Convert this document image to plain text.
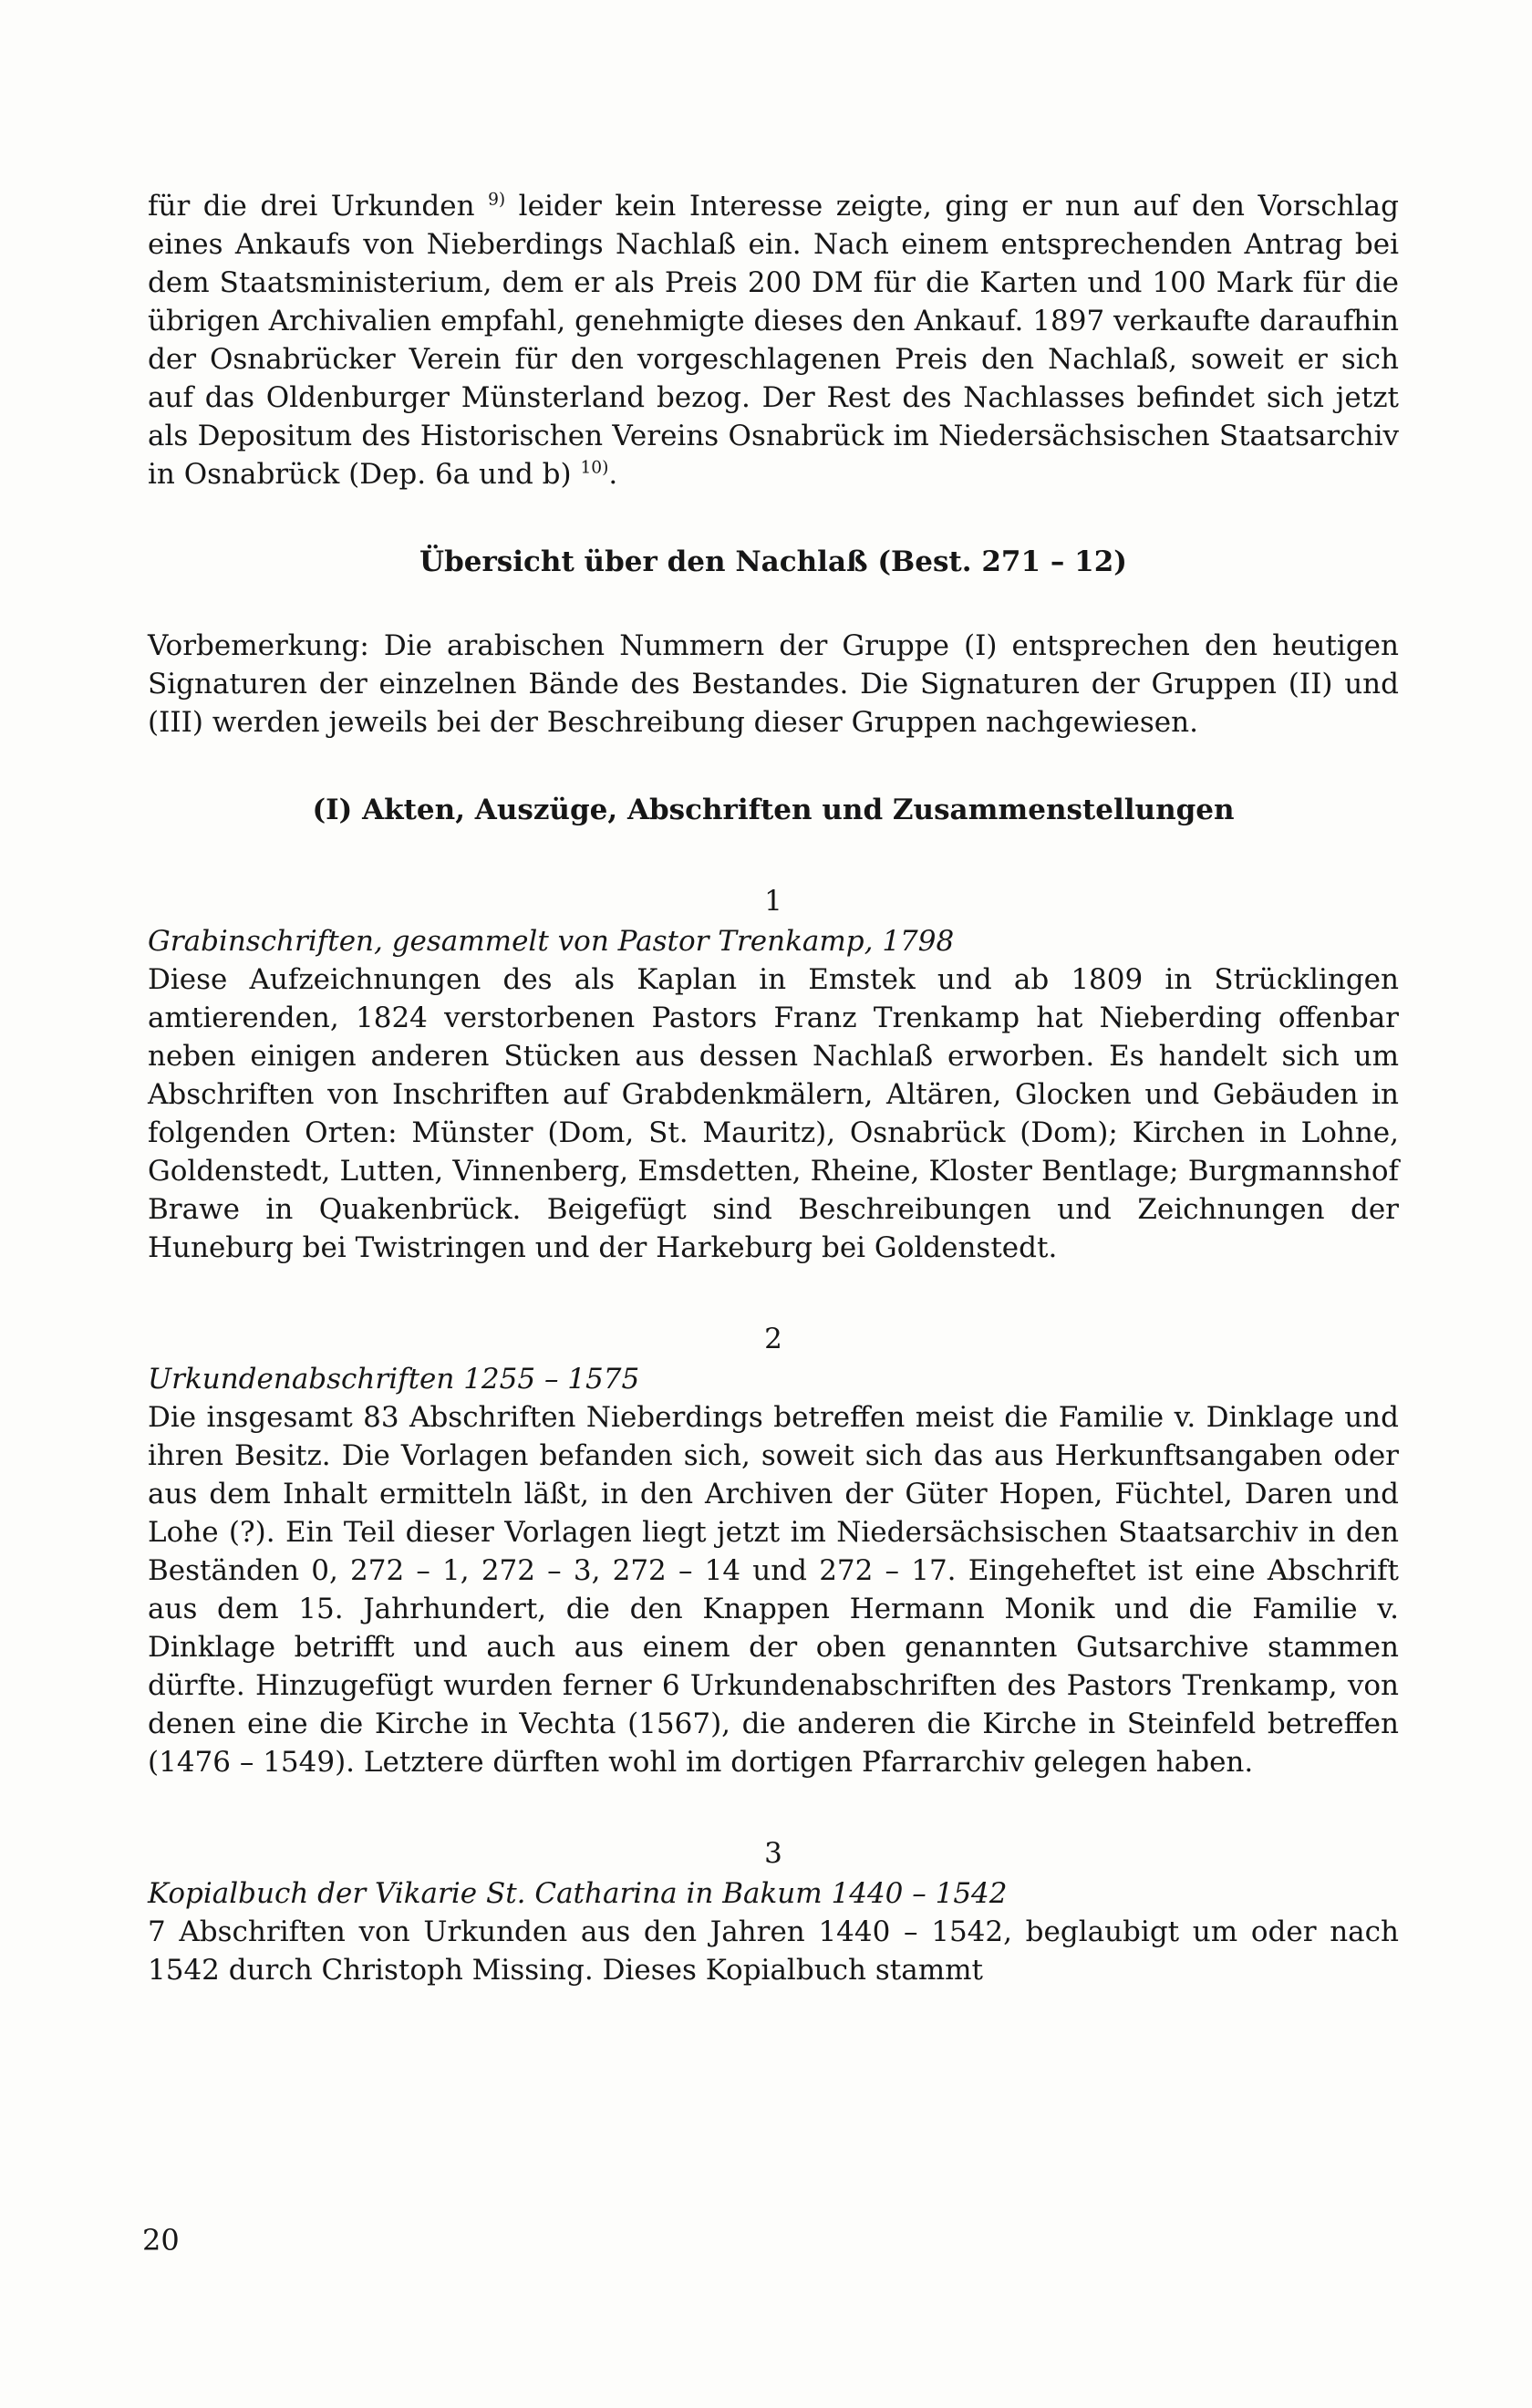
für die drei Urkunden $^{9)}$ leider kein Interesse zeigte, ging er nun auf den Vorschlag eines Ankaufs von Nieberdings Nachlaß ein. Nach einem entsprechenden Antrag bei dem Staatsministerium, dem er als Preis 200 DM für die Karten und 100 Mark für die übrigen Archivalien empfahl, genehmigte dieses den Ankauf. 1897 verkaufte daraufhin der Osnabrücker Verein für den vorgeschlagenen Preis den Nachlaß, soweit er sich auf das Oldenburger Münsterland bezog. Der Rest des Nachlasses befindet sich jetzt als Depositum des Historischen Vereins Osnabrück im Niedersächsischen Staatsarchiv in Osnabrück (Dep. 6a und b) $^{10)}$.

Übersicht über den Nachlaß (Best. 271 – 12)

Vorbemerkung: Die arabischen Nummern der Gruppe (I) entsprechen den heutigen Signaturen der einzelnen Bände des Bestandes. Die Signaturen der Gruppen (II) und (III) werden jeweils bei der Beschreibung dieser Gruppen nachgewiesen.

(I) Akten, Auszüge, Abschriften und Zusammenstellungen
1
Grabinschriften, gesammelt von Pastor Trenkamp, 1798

Diese Aufzeichnungen des als Kaplan in Emstek und ab 1809 in Strücklingen amtierenden, 1824 verstorbenen Pastors Franz Trenkamp hat Nieberding offenbar neben einigen anderen Stücken aus dessen Nachlaß erworben. Es handelt sich um Abschriften von Inschriften auf Grabdenkmälern, Altären, Glocken und Gebäuden in folgenden Orten: Münster (Dom, St. Mauritz), Osnabrück (Dom); Kirchen in Lohne, Goldenstedt, Lutten, Vinnenberg, Emsdetten, Rheine, Kloster Bentlage; Burgmannshof Brawe in Quakenbrück. Beigefügt sind Beschreibungen und Zeichnungen der Huneburg bei Twistringen und der Harkeburg bei Goldenstedt.

2
Urkundenabschriften 1255 – 1575

Die insgesamt 83 Abschriften Nieberdings betreffen meist die Familie v. Dinklage und ihren Besitz. Die Vorlagen befanden sich, soweit sich das aus Herkunftsangaben oder aus dem Inhalt ermitteln läßt, in den Archiven der Güter Hopen, Füchtel, Daren und Lohe (?). Ein Teil dieser Vorlagen liegt jetzt im Niedersächsischen Staatsarchiv in den Beständen 0, 272 – 1, 272 – 3, 272 – 14 und 272 – 17. Eingeheftet ist eine Abschrift aus dem 15. Jahrhundert, die den Knappen Hermann Monik und die Familie v. Dinklage betrifft und auch aus einem der oben genannten Gutsarchive stammen dürfte. Hinzugefügt wurden ferner 6 Urkundenabschriften des Pastors Trenkamp, von denen eine die Kirche in Vechta (1567), die anderen die Kirche in Steinfeld betreffen (1476 – 1549). Letztere dürften wohl im dortigen Pfarrarchiv gelegen haben.

3
Kopialbuch der Vikarie St. Catharina in Bakum 1440 – 1542

7 Abschriften von Urkunden aus den Jahren 1440 – 1542, beglaubigt um oder nach 1542 durch Christoph Missing. Dieses Kopialbuch stammt

20
